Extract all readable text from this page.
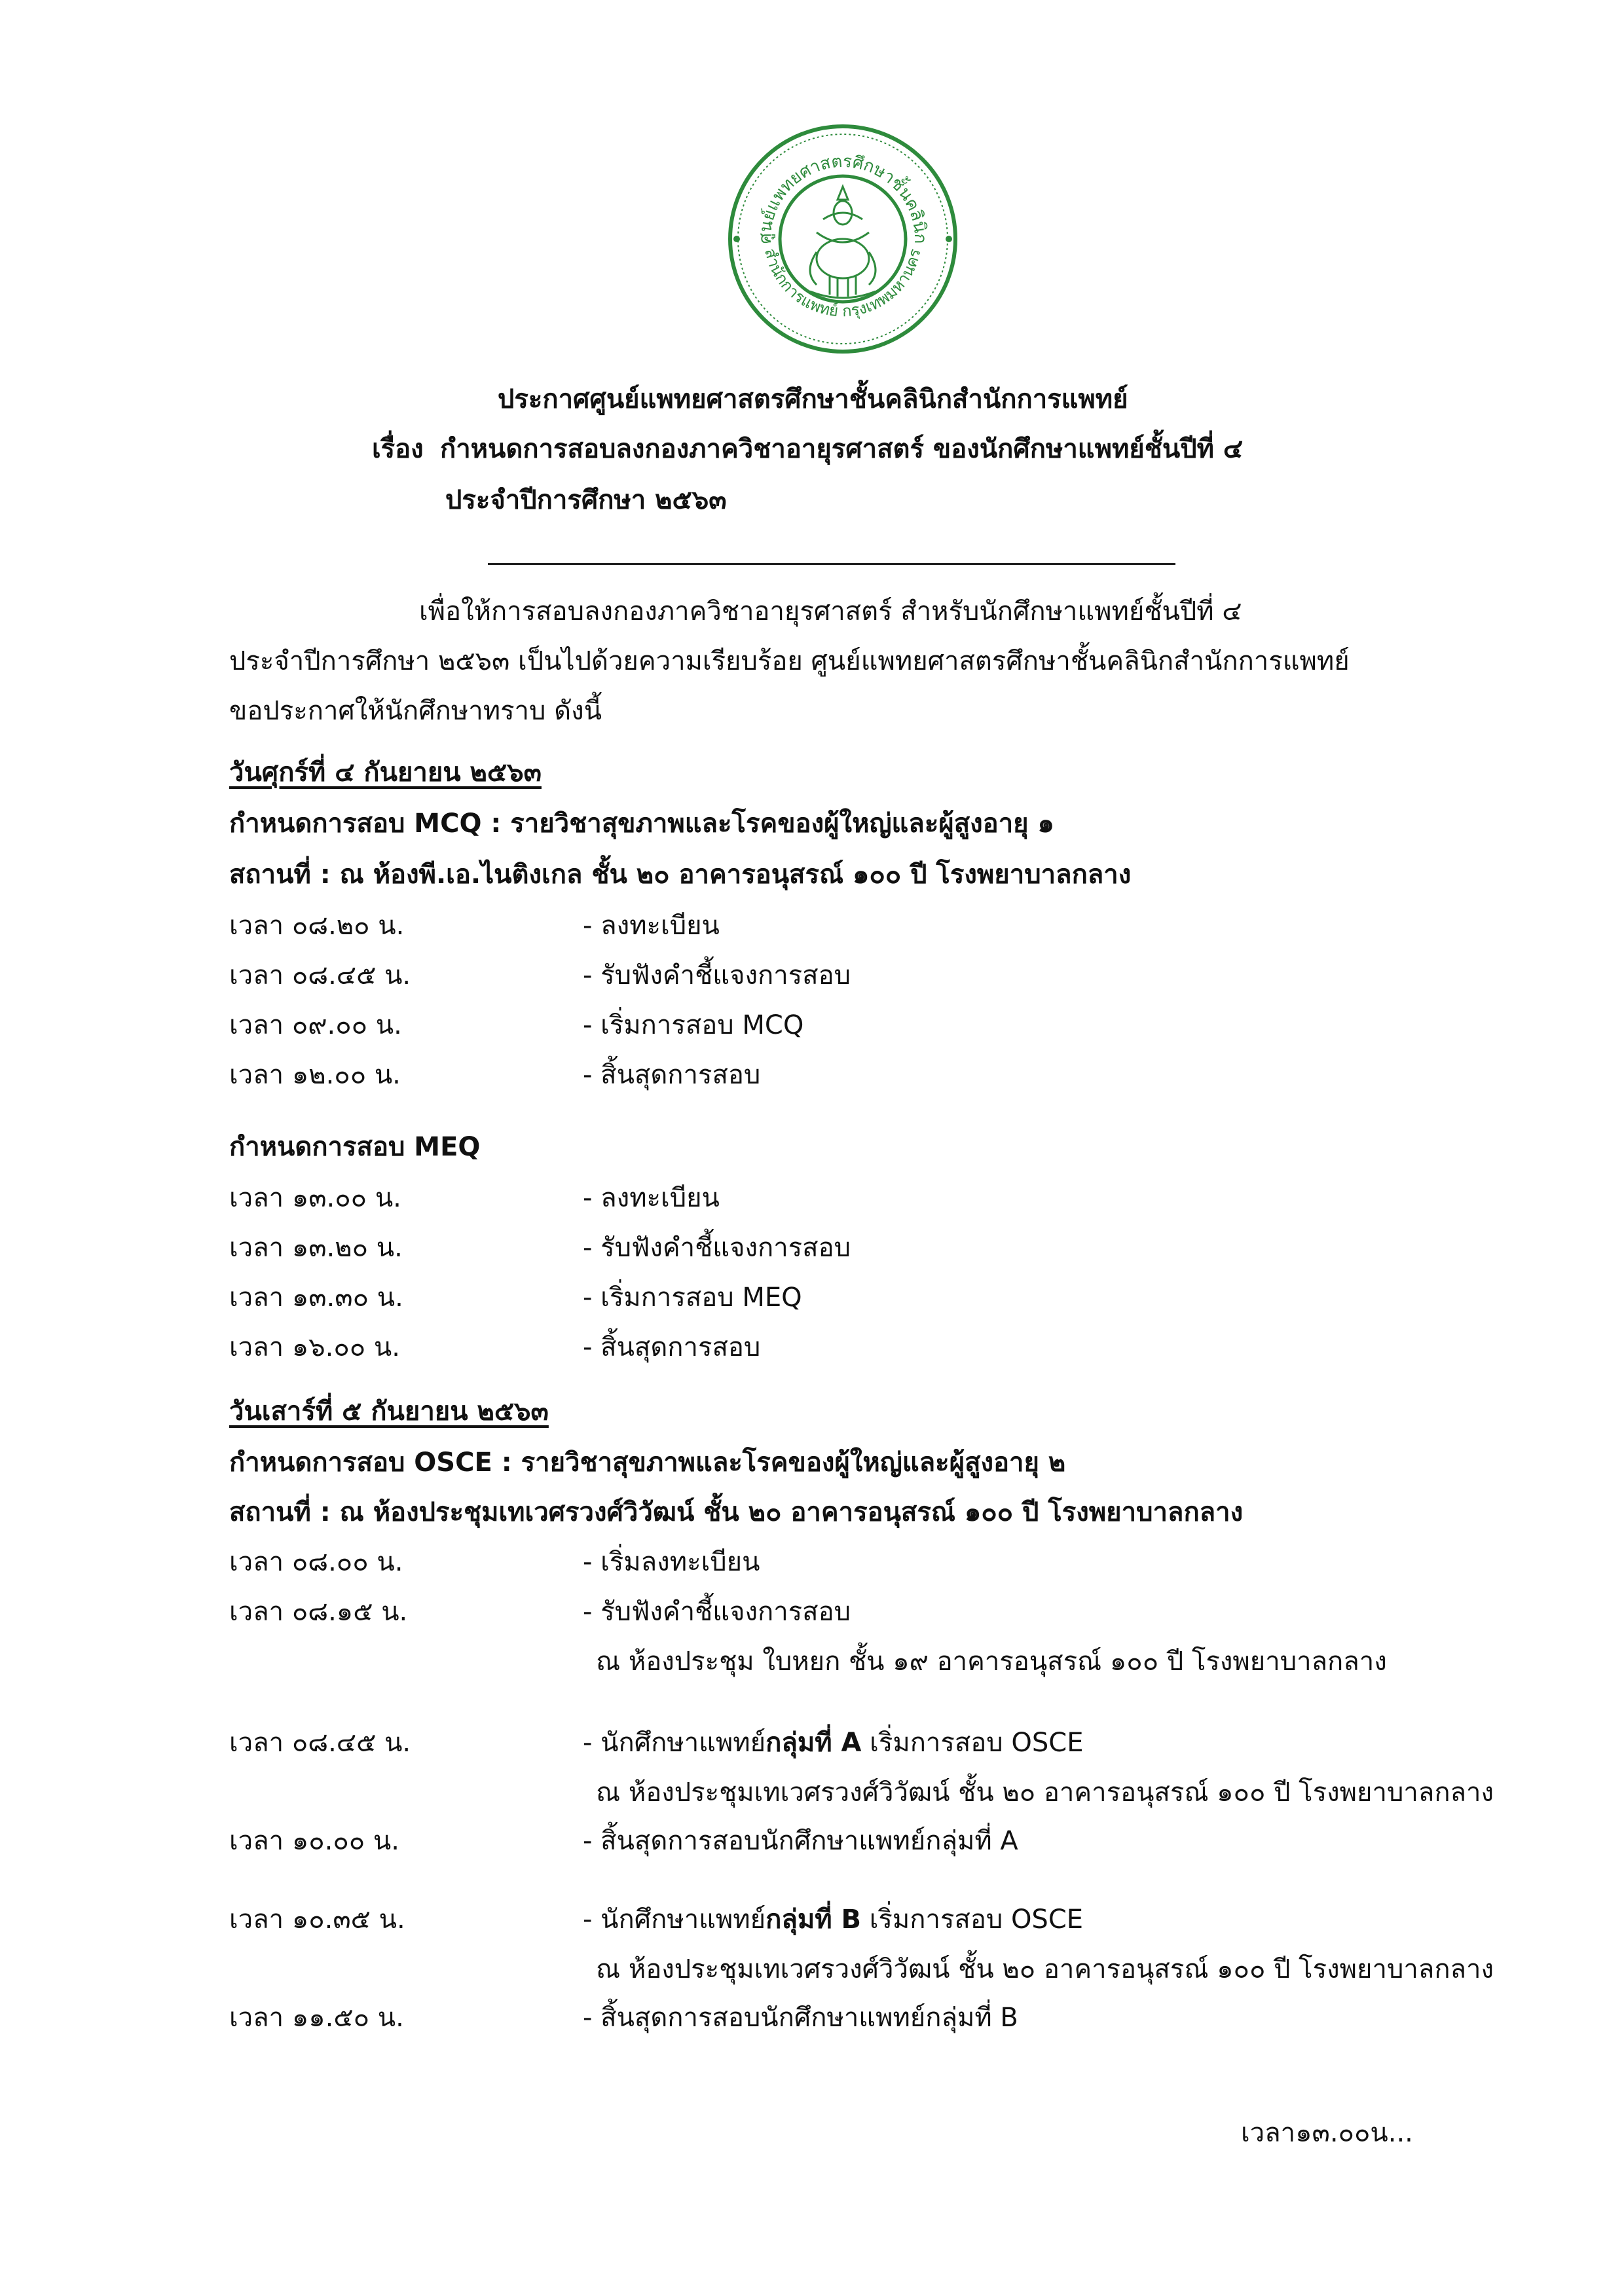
ศูนย์แพทยศาสตรศึกษาชั้นคลินิก
สำนักการแพทย์ กรุงเทพมหานคร
ประกาศศูนย์แพทยศาสตรศึกษาชั้นคลินิกสำนักการแพทย์
เรื่อง กำหนดการสอบลงกองภาควิชาอายุรศาสตร์ ของนักศึกษาแพทย์ชั้นปีที่ ๔
ประจำปีการศึกษา ๒๕๖๓
เพื่อให้การสอบลงกองภาควิชาอายุรศาสตร์ สำหรับนักศึกษาแพทย์ชั้นปีที่ ๔
ประจำปีการศึกษา ๒๕๖๓ เป็นไปด้วยความเรียบร้อย ศูนย์แพทยศาสตรศึกษาชั้นคลินิกสำนักการแพทย์
ขอประกาศให้นักศึกษาทราบ ดังนี้
วันศุกร์ที่ ๔ กันยายน ๒๕๖๓
กำหนดการสอบ MCQ : รายวิชาสุขภาพและโรคของผู้ใหญ่และผู้สูงอายุ ๑
สถานที่ : ณ ห้องพี.เอ.ไนติงเกล ชั้น ๒๐ อาคารอนุสรณ์ ๑๐๐ ปี โรงพยาบาลกลาง
เวลา ๐๘.๒๐ น.	- ลงทะเบียน
เวลา ๐๘.๔๕ น.	- รับฟังคำชี้แจงการสอบ
เวลา ๐๙.๐๐ น.	- เริ่มการสอบ MCQ
เวลา ๑๒.๐๐ น.	- สิ้นสุดการสอบ
กำหนดการสอบ MEQ
เวลา ๑๓.๐๐ น.	- ลงทะเบียน
เวลา ๑๓.๒๐ น.	- รับฟังคำชี้แจงการสอบ
เวลา ๑๓.๓๐ น.	- เริ่มการสอบ MEQ
เวลา ๑๖.๐๐ น.	- สิ้นสุดการสอบ
วันเสาร์ที่ ๕ กันยายน ๒๕๖๓
กำหนดการสอบ OSCE : รายวิชาสุขภาพและโรคของผู้ใหญ่และผู้สูงอายุ ๒
สถานที่ : ณ ห้องประชุมเทเวศรวงศ์วิวัฒน์ ชั้น ๒๐ อาคารอนุสรณ์ ๑๐๐ ปี โรงพยาบาลกลาง
เวลา ๐๘.๐๐ น.	- เริ่มลงทะเบียน
เวลา ๐๘.๑๕ น.	- รับฟังคำชี้แจงการสอบ
ณ ห้องประชุม ใบหยก ชั้น ๑๙ อาคารอนุสรณ์ ๑๐๐ ปี โรงพยาบาลกลาง
เวลา ๐๘.๔๕ น.	- นักศึกษาแพทย์กลุ่มที่ A เริ่มการสอบ OSCE
ณ ห้องประชุมเทเวศรวงศ์วิวัฒน์ ชั้น ๒๐ อาคารอนุสรณ์ ๑๐๐ ปี โรงพยาบาลกลาง
เวลา ๑๐.๐๐ น.	- สิ้นสุดการสอบนักศึกษาแพทย์กลุ่มที่ A
เวลา ๑๐.๓๕ น.	- นักศึกษาแพทย์กลุ่มที่ B เริ่มการสอบ OSCE
ณ ห้องประชุมเทเวศรวงศ์วิวัฒน์ ชั้น ๒๐ อาคารอนุสรณ์ ๑๐๐ ปี โรงพยาบาลกลาง
เวลา ๑๑.๕๐ น.	- สิ้นสุดการสอบนักศึกษาแพทย์กลุ่มที่ B
เวลา๑๓.๐๐น...
